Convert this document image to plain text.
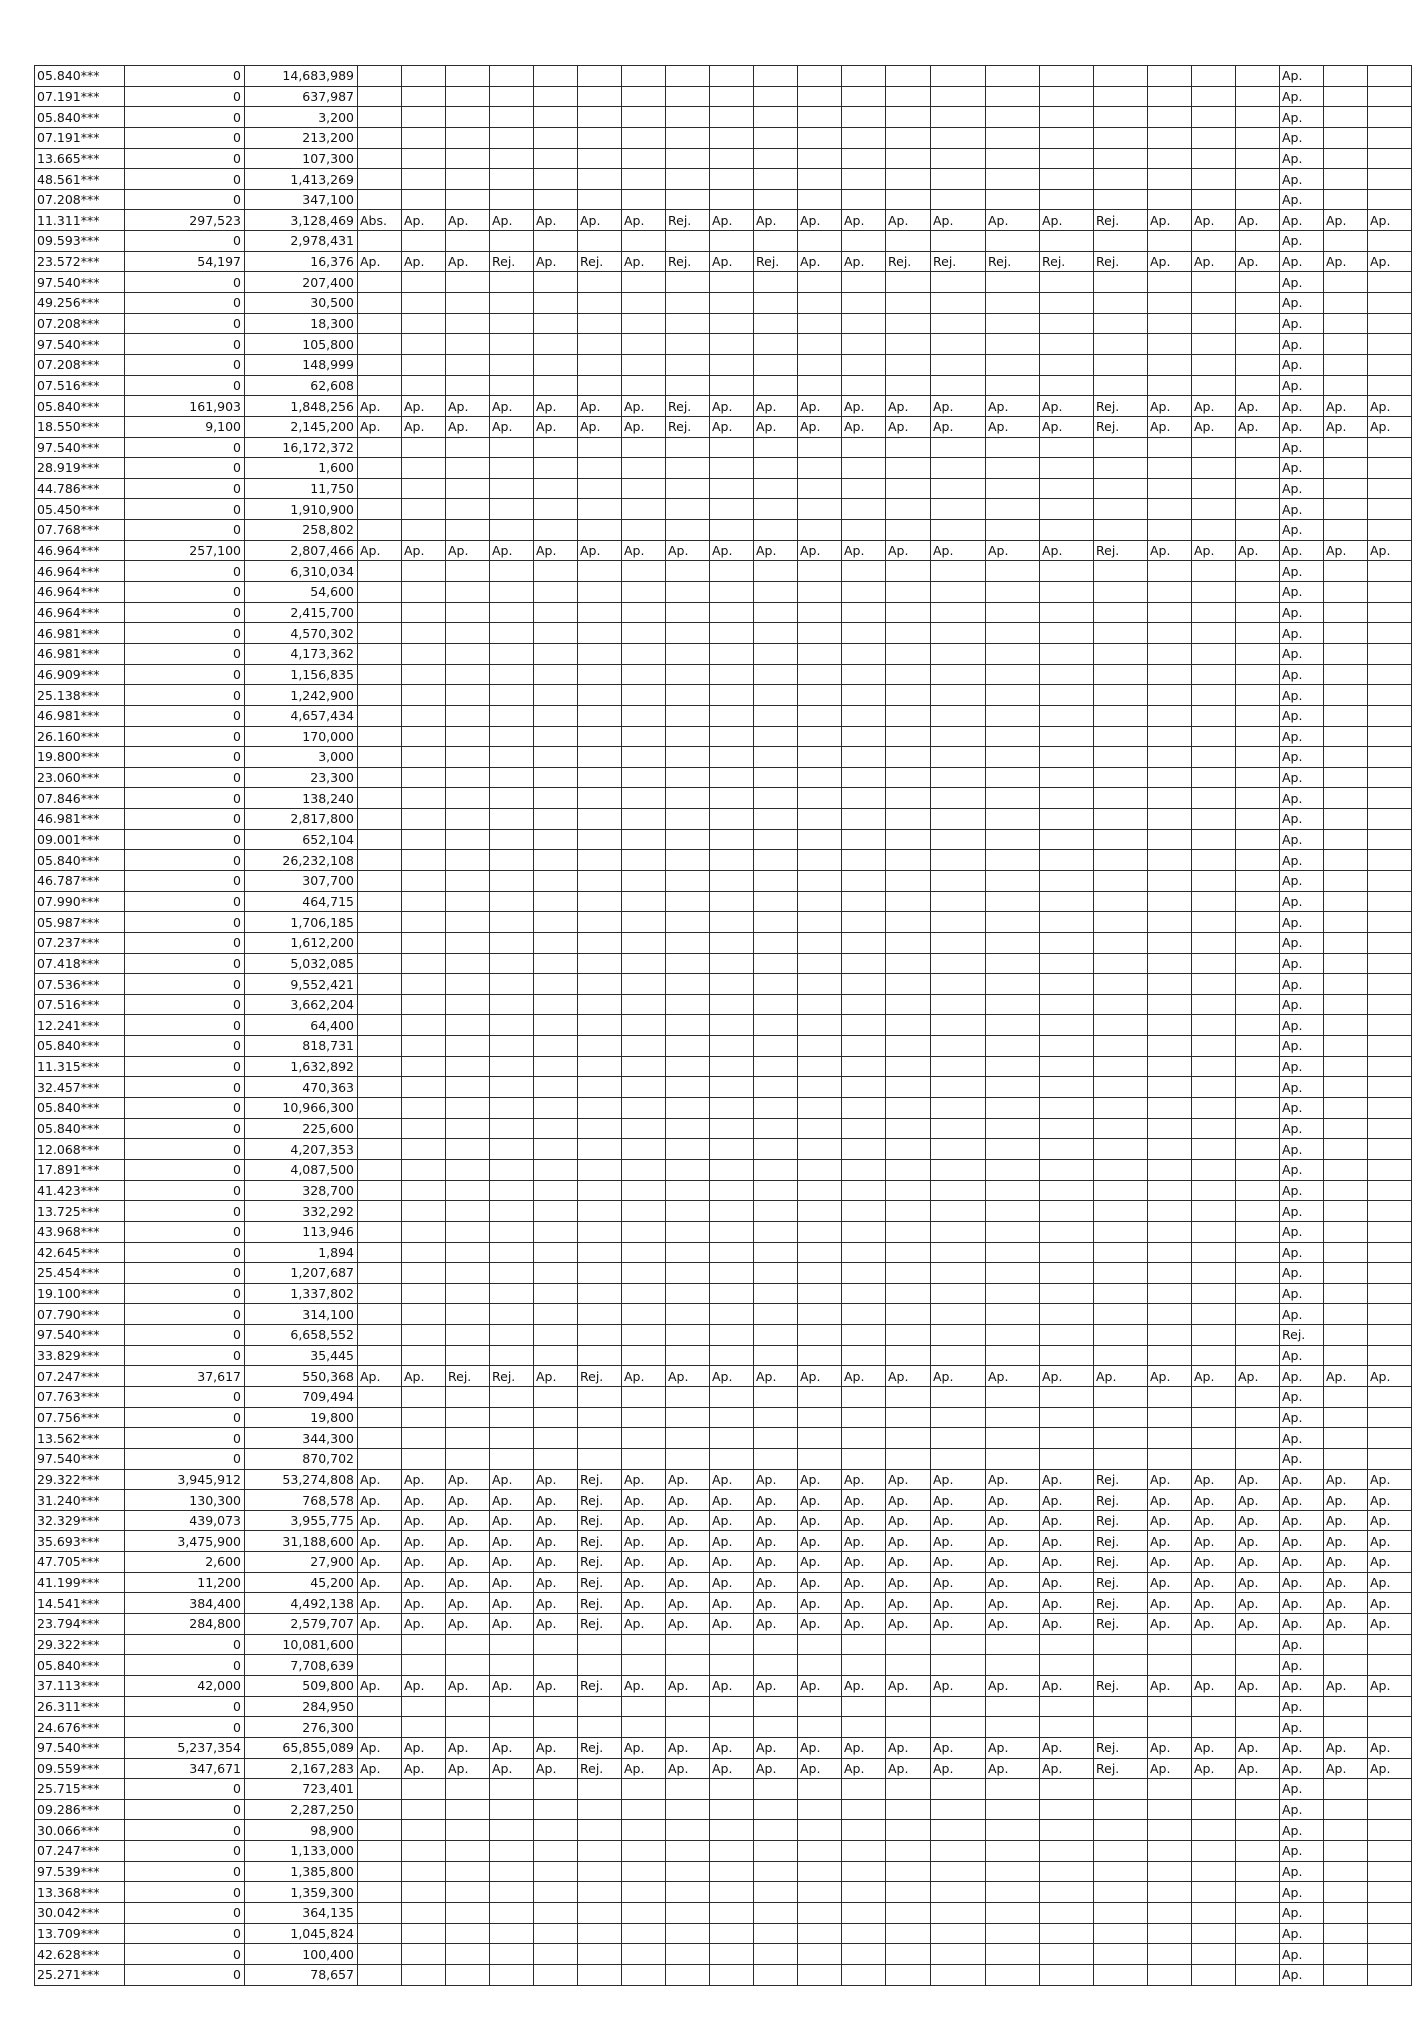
05.840***	0	14,683,989																					Ap.		
07.191***	0	637,987																					Ap.		
05.840***	0	3,200																					Ap.		
07.191***	0	213,200																					Ap.		
13.665***	0	107,300																					Ap.		
48.561***	0	1,413,269																					Ap.		
07.208***	0	347,100																					Ap.		
11.311***	297,523	3,128,469	Abs.	Ap.	Ap.	Ap.	Ap.	Ap.	Ap.	Rej.	Ap.	Ap.	Ap.	Ap.	Ap.	Ap.	Ap.	Ap.	Rej.	Ap.	Ap.	Ap.	Ap.	Ap.	Ap.
09.593***	0	2,978,431																					Ap.		
23.572***	54,197	16,376	Ap.	Ap.	Ap.	Rej.	Ap.	Rej.	Ap.	Rej.	Ap.	Rej.	Ap.	Ap.	Rej.	Rej.	Rej.	Rej.	Rej.	Ap.	Ap.	Ap.	Ap.	Ap.	Ap.
97.540***	0	207,400																					Ap.		
49.256***	0	30,500																					Ap.		
07.208***	0	18,300																					Ap.		
97.540***	0	105,800																					Ap.		
07.208***	0	148,999																					Ap.		
07.516***	0	62,608																					Ap.		
05.840***	161,903	1,848,256	Ap.	Ap.	Ap.	Ap.	Ap.	Ap.	Ap.	Rej.	Ap.	Ap.	Ap.	Ap.	Ap.	Ap.	Ap.	Ap.	Rej.	Ap.	Ap.	Ap.	Ap.	Ap.	Ap.
18.550***	9,100	2,145,200	Ap.	Ap.	Ap.	Ap.	Ap.	Ap.	Ap.	Rej.	Ap.	Ap.	Ap.	Ap.	Ap.	Ap.	Ap.	Ap.	Rej.	Ap.	Ap.	Ap.	Ap.	Ap.	Ap.
97.540***	0	16,172,372																					Ap.		
28.919***	0	1,600																					Ap.		
44.786***	0	11,750																					Ap.		
05.450***	0	1,910,900																					Ap.		
07.768***	0	258,802																					Ap.		
46.964***	257,100	2,807,466	Ap.	Ap.	Ap.	Ap.	Ap.	Ap.	Ap.	Ap.	Ap.	Ap.	Ap.	Ap.	Ap.	Ap.	Ap.	Ap.	Rej.	Ap.	Ap.	Ap.	Ap.	Ap.	Ap.
46.964***	0	6,310,034																					Ap.		
46.964***	0	54,600																					Ap.		
46.964***	0	2,415,700																					Ap.		
46.981***	0	4,570,302																					Ap.		
46.981***	0	4,173,362																					Ap.		
46.909***	0	1,156,835																					Ap.		
25.138***	0	1,242,900																					Ap.		
46.981***	0	4,657,434																					Ap.		
26.160***	0	170,000																					Ap.		
19.800***	0	3,000																					Ap.		
23.060***	0	23,300																					Ap.		
07.846***	0	138,240																					Ap.		
46.981***	0	2,817,800																					Ap.		
09.001***	0	652,104																					Ap.		
05.840***	0	26,232,108																					Ap.		
46.787***	0	307,700																					Ap.		
07.990***	0	464,715																					Ap.		
05.987***	0	1,706,185																					Ap.		
07.237***	0	1,612,200																					Ap.		
07.418***	0	5,032,085																					Ap.		
07.536***	0	9,552,421																					Ap.		
07.516***	0	3,662,204																					Ap.		
12.241***	0	64,400																					Ap.		
05.840***	0	818,731																					Ap.		
11.315***	0	1,632,892																					Ap.		
32.457***	0	470,363																					Ap.		
05.840***	0	10,966,300																					Ap.		
05.840***	0	225,600																					Ap.		
12.068***	0	4,207,353																					Ap.		
17.891***	0	4,087,500																					Ap.		
41.423***	0	328,700																					Ap.		
13.725***	0	332,292																					Ap.		
43.968***	0	113,946																					Ap.		
42.645***	0	1,894																					Ap.		
25.454***	0	1,207,687																					Ap.		
19.100***	0	1,337,802																					Ap.		
07.790***	0	314,100																					Ap.		
97.540***	0	6,658,552																					Rej.		
33.829***	0	35,445																					Ap.		
07.247***	37,617	550,368	Ap.	Ap.	Rej.	Rej.	Ap.	Rej.	Ap.	Ap.	Ap.	Ap.	Ap.	Ap.	Ap.	Ap.	Ap.	Ap.	Ap.	Ap.	Ap.	Ap.	Ap.	Ap.	Ap.
07.763***	0	709,494																					Ap.		
07.756***	0	19,800																					Ap.		
13.562***	0	344,300																					Ap.		
97.540***	0	870,702																					Ap.		
29.322***	3,945,912	53,274,808	Ap.	Ap.	Ap.	Ap.	Ap.	Rej.	Ap.	Ap.	Ap.	Ap.	Ap.	Ap.	Ap.	Ap.	Ap.	Ap.	Rej.	Ap.	Ap.	Ap.	Ap.	Ap.	Ap.
31.240***	130,300	768,578	Ap.	Ap.	Ap.	Ap.	Ap.	Rej.	Ap.	Ap.	Ap.	Ap.	Ap.	Ap.	Ap.	Ap.	Ap.	Ap.	Rej.	Ap.	Ap.	Ap.	Ap.	Ap.	Ap.
32.329***	439,073	3,955,775	Ap.	Ap.	Ap.	Ap.	Ap.	Rej.	Ap.	Ap.	Ap.	Ap.	Ap.	Ap.	Ap.	Ap.	Ap.	Ap.	Rej.	Ap.	Ap.	Ap.	Ap.	Ap.	Ap.
35.693***	3,475,900	31,188,600	Ap.	Ap.	Ap.	Ap.	Ap.	Rej.	Ap.	Ap.	Ap.	Ap.	Ap.	Ap.	Ap.	Ap.	Ap.	Ap.	Rej.	Ap.	Ap.	Ap.	Ap.	Ap.	Ap.
47.705***	2,600	27,900	Ap.	Ap.	Ap.	Ap.	Ap.	Rej.	Ap.	Ap.	Ap.	Ap.	Ap.	Ap.	Ap.	Ap.	Ap.	Ap.	Rej.	Ap.	Ap.	Ap.	Ap.	Ap.	Ap.
41.199***	11,200	45,200	Ap.	Ap.	Ap.	Ap.	Ap.	Rej.	Ap.	Ap.	Ap.	Ap.	Ap.	Ap.	Ap.	Ap.	Ap.	Ap.	Rej.	Ap.	Ap.	Ap.	Ap.	Ap.	Ap.
14.541***	384,400	4,492,138	Ap.	Ap.	Ap.	Ap.	Ap.	Rej.	Ap.	Ap.	Ap.	Ap.	Ap.	Ap.	Ap.	Ap.	Ap.	Ap.	Rej.	Ap.	Ap.	Ap.	Ap.	Ap.	Ap.
23.794***	284,800	2,579,707	Ap.	Ap.	Ap.	Ap.	Ap.	Rej.	Ap.	Ap.	Ap.	Ap.	Ap.	Ap.	Ap.	Ap.	Ap.	Ap.	Rej.	Ap.	Ap.	Ap.	Ap.	Ap.	Ap.
29.322***	0	10,081,600																					Ap.		
05.840***	0	7,708,639																					Ap.		
37.113***	42,000	509,800	Ap.	Ap.	Ap.	Ap.	Ap.	Rej.	Ap.	Ap.	Ap.	Ap.	Ap.	Ap.	Ap.	Ap.	Ap.	Ap.	Rej.	Ap.	Ap.	Ap.	Ap.	Ap.	Ap.
26.311***	0	284,950																					Ap.		
24.676***	0	276,300																					Ap.		
97.540***	5,237,354	65,855,089	Ap.	Ap.	Ap.	Ap.	Ap.	Rej.	Ap.	Ap.	Ap.	Ap.	Ap.	Ap.	Ap.	Ap.	Ap.	Ap.	Rej.	Ap.	Ap.	Ap.	Ap.	Ap.	Ap.
09.559***	347,671	2,167,283	Ap.	Ap.	Ap.	Ap.	Ap.	Rej.	Ap.	Ap.	Ap.	Ap.	Ap.	Ap.	Ap.	Ap.	Ap.	Ap.	Rej.	Ap.	Ap.	Ap.	Ap.	Ap.	Ap.
25.715***	0	723,401																					Ap.		
09.286***	0	2,287,250																					Ap.		
30.066***	0	98,900																					Ap.		
07.247***	0	1,133,000																					Ap.		
97.539***	0	1,385,800																					Ap.		
13.368***	0	1,359,300																					Ap.		
30.042***	0	364,135																					Ap.		
13.709***	0	1,045,824																					Ap.		
42.628***	0	100,400																					Ap.		
25.271***	0	78,657																					Ap.		
